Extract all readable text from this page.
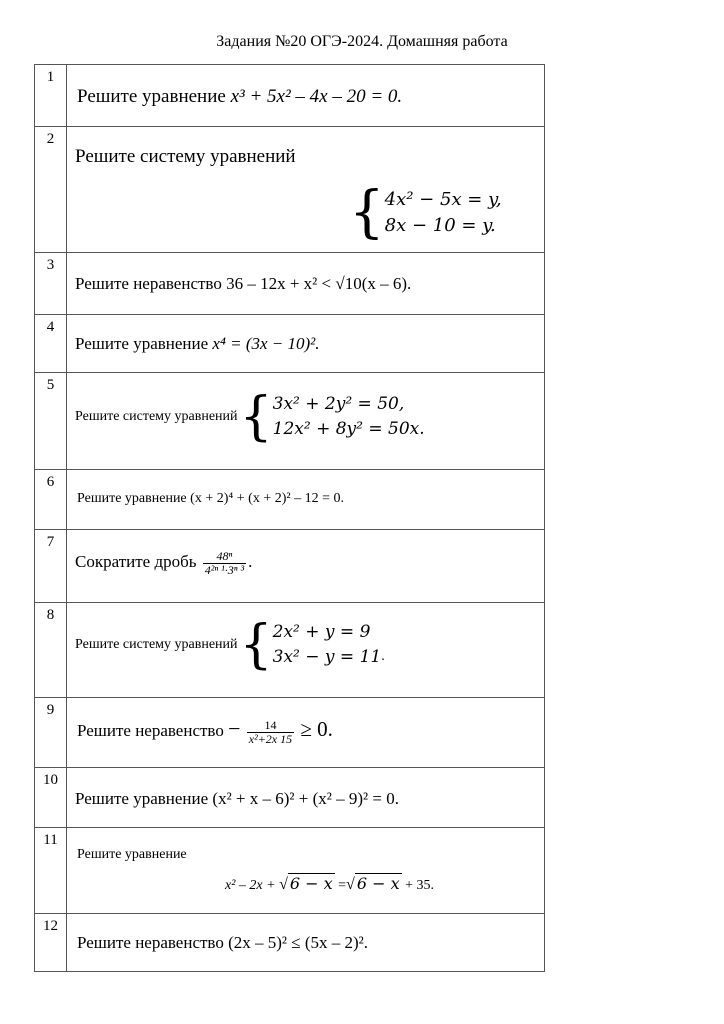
Задания №20 ОГЭ-2024. Домашняя работа
1	Решите уравнение x³ + 5x² – 4x – 20 = 0.

2	Решите систему уравнений
{ 4x² − 5x = y,
8x − 10 = y.

3	Решите неравенство 36 – 12x + x² < √10(x – 6).

4	Решите уравнение x⁴ = (3x − 10)².

5	Решите систему уравнений { 3x² + 2y² = 50,
12x² + 8y² = 50x.

6	Решите уравнение (x + 2)⁴ + (x + 2)² – 12 = 0.

7	Сократите дробь $\frac{\text{48ⁿ}}{\text{4²ⁿ ¹·3ⁿ ³}}$ .

8	Решите систему уравнений { 2x² + y = 9
3x² − y = 11 .

9	Решите неравенство − $\frac{14}{\text{x²+2x 15}} \ge 0$.

10	Решите уравнение (x² + x – 6)² + (x² – 9)² = 0.

11	Решите уравнение
x² – 2x + √ 6 − x =√ 6 − x + 35.

12	Решите неравенство (2x – 5)² ≤ (5x – 2)².
